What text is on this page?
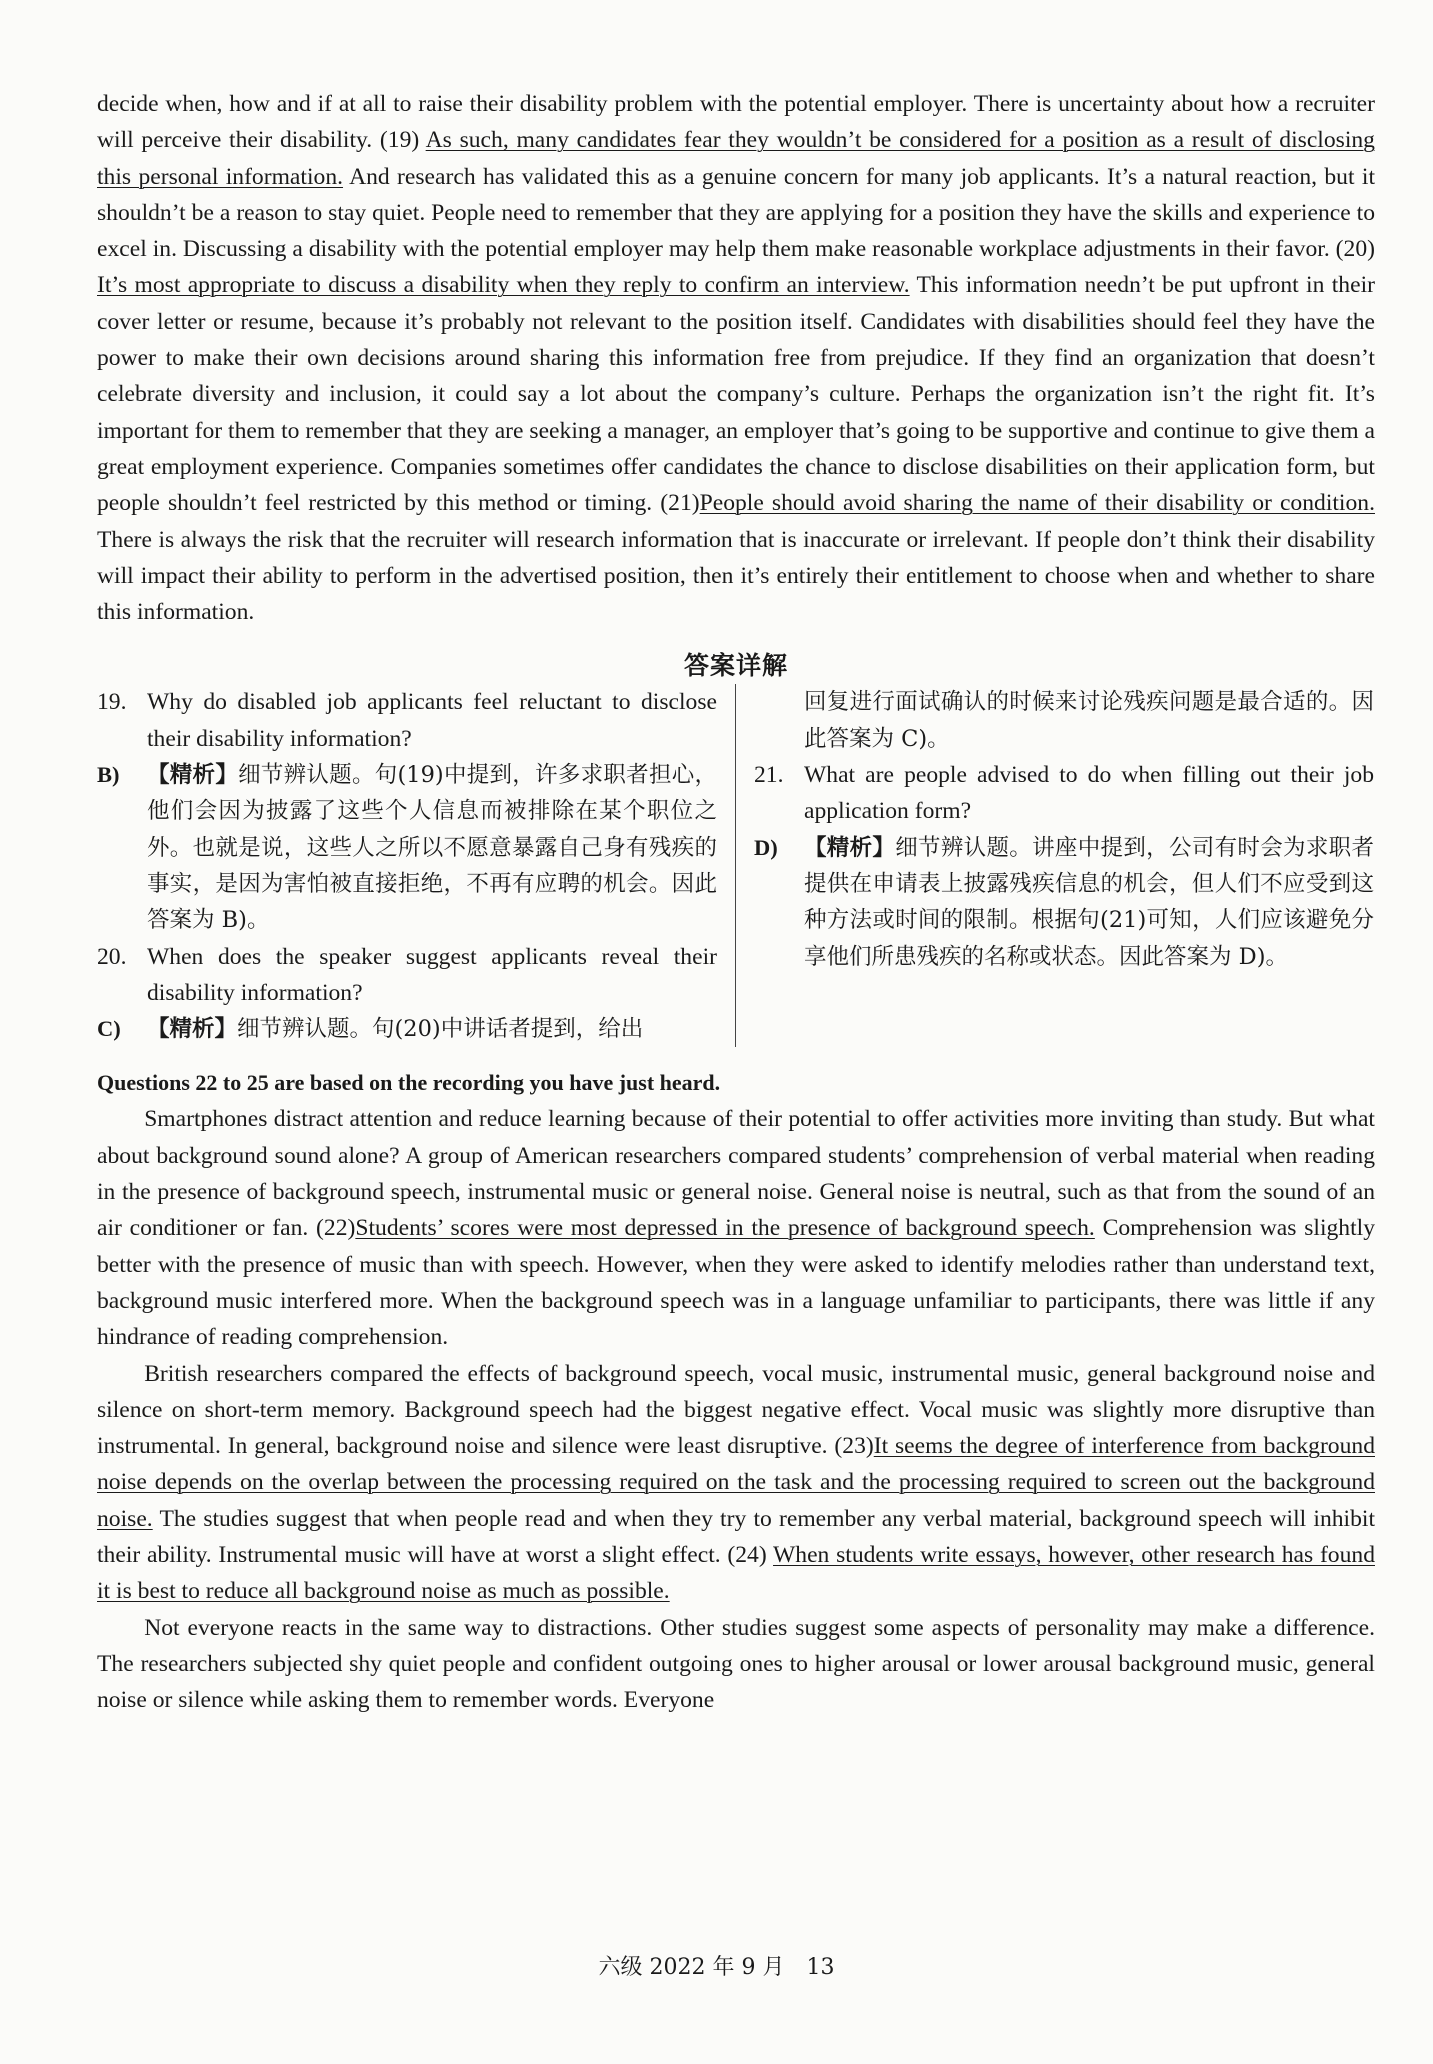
decide when, how and if at all to raise their disability problem with the potential employer. There is uncertainty about how a recruiter will perceive their disability. (19) As such, many candidates fear they wouldn’t be considered for a position as a result of disclosing this personal information. And research has validated this as a genuine concern for many job applicants. It’s a natural reaction, but it shouldn’t be a reason to stay quiet. People need to remember that they are applying for a position they have the skills and experience to excel in. Discussing a disability with the potential employer may help them make reasonable workplace adjustments in their favor. (20) It’s most appropriate to discuss a disability when they reply to confirm an interview. This information needn’t be put upfront in their cover letter or resume, because it’s probably not relevant to the position itself. Candidates with disabilities should feel they have the power to make their own decisions around sharing this information free from prejudice. If they find an organization that doesn’t celebrate diversity and inclusion, it could say a lot about the company’s culture. Perhaps the organization isn’t the right fit. It’s important for them to remember that they are seeking a manager, an employer that’s going to be supportive and continue to give them a great employment experience. Companies sometimes offer candidates the chance to disclose disabilities on their application form, but people shouldn’t feel restricted by this method or timing. (21)People should avoid sharing the name of their disability or condition. There is always the risk that the recruiter will research information that is inaccurate or irrelevant. If people don’t think their disability will impact their ability to perform in the advertised position, then it’s entirely their entitlement to choose when and whether to share this information.

答案详解
19. Why do disabled job applicants feel reluctant to disclose their disability information?
B)	【精析】细节辨认题。句(19)中提到，许多求职者担心，他们会因为披露了这些个人信息而被排除在某个职位之外。也就是说，这些人之所以不愿意暴露自己身有残疾的事实，是因为害怕被直接拒绝，不再有应聘的机会。因此答案为 B)。
20. When does the speaker suggest applicants reveal their disability information?
C)	【精析】细节辨认题。句(20)中讲话者提到，给出
回复进行面试确认的时候来讨论残疾问题是最合适的。因此答案为 C)。
21. What are people advised to do when filling out their job application form?
D)	【精析】细节辨认题。讲座中提到，公司有时会为求职者提供在申请表上披露残疾信息的机会，但人们不应受到这种方法或时间的限制。根据句(21)可知，人们应该避免分享他们所患残疾的名称或状态。因此答案为 D)。
Questions 22 to 25 are based on the recording you have just heard.

Smartphones distract attention and reduce learning because of their potential to offer activities more inviting than study. But what about background sound alone? A group of American researchers compared students’ comprehension of verbal material when reading in the presence of background speech, instrumental music or general noise. General noise is neutral, such as that from the sound of an air conditioner or fan. (22)Students’ scores were most depressed in the presence of background speech. Comprehension was slightly better with the presence of music than with speech. However, when they were asked to identify melodies rather than understand text, background music interfered more. When the background speech was in a language unfamiliar to participants, there was little if any hindrance of reading comprehension.

British researchers compared the effects of background speech, vocal music, instrumental music, general background noise and silence on short-term memory. Background speech had the biggest negative effect. Vocal music was slightly more disruptive than instrumental. In general, background noise and silence were least disruptive. (23)It seems the degree of interference from background noise depends on the overlap between the processing required on the task and the processing required to screen out the background noise. The studies suggest that when people read and when they try to remember any verbal material, background speech will inhibit their ability. Instrumental music will have at worst a slight effect. (24) When students write essays, however, other research has found it is best to reduce all background noise as much as possible.

Not everyone reacts in the same way to distractions. Other studies suggest some aspects of personality may make a difference. The researchers subjected shy quiet people and confident outgoing ones to higher arousal or lower arousal background music, general noise or silence while asking them to remember words. Everyone

六级 2022 年 9 月　13
